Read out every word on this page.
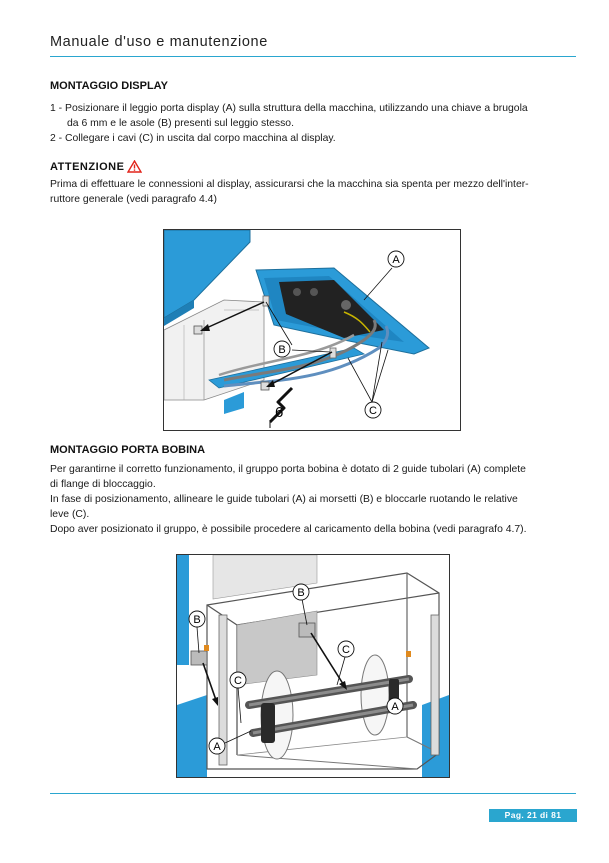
Manuale d'uso e manutenzione
MONTAGGIO DISPLAY
1 - Posizionare il leggio porta display (A) sulla struttura della macchina, utilizzando una chiave a brugola
da 6 mm e le asole (B) presenti sul leggio stesso.
2 - Collegare i cavi (C) in uscita dal corpo macchina al display.
ATTENZIONE
Prima di effettuare le connessioni al display, assicurarsi che la macchina sia spenta per mezzo dell'inter-
ruttore generale (vedi paragrafo 4.4)
A
B
C
6
MONTAGGIO PORTA BOBINA
Per garantirne il corretto funzionamento, il gruppo porta bobina è dotato di 2 guide tubolari (A) complete
di flange di bloccaggio.
In fase di posizionamento, allineare le guide tubolari (A) ai morsetti (B) e bloccarle ruotando le relative
leve (C).
Dopo aver posizionato il gruppo, è possibile procedere al caricamento della bobina (vedi paragrafo 4.7).
B
B
C
C
A
A
Pag. 21 di 81
